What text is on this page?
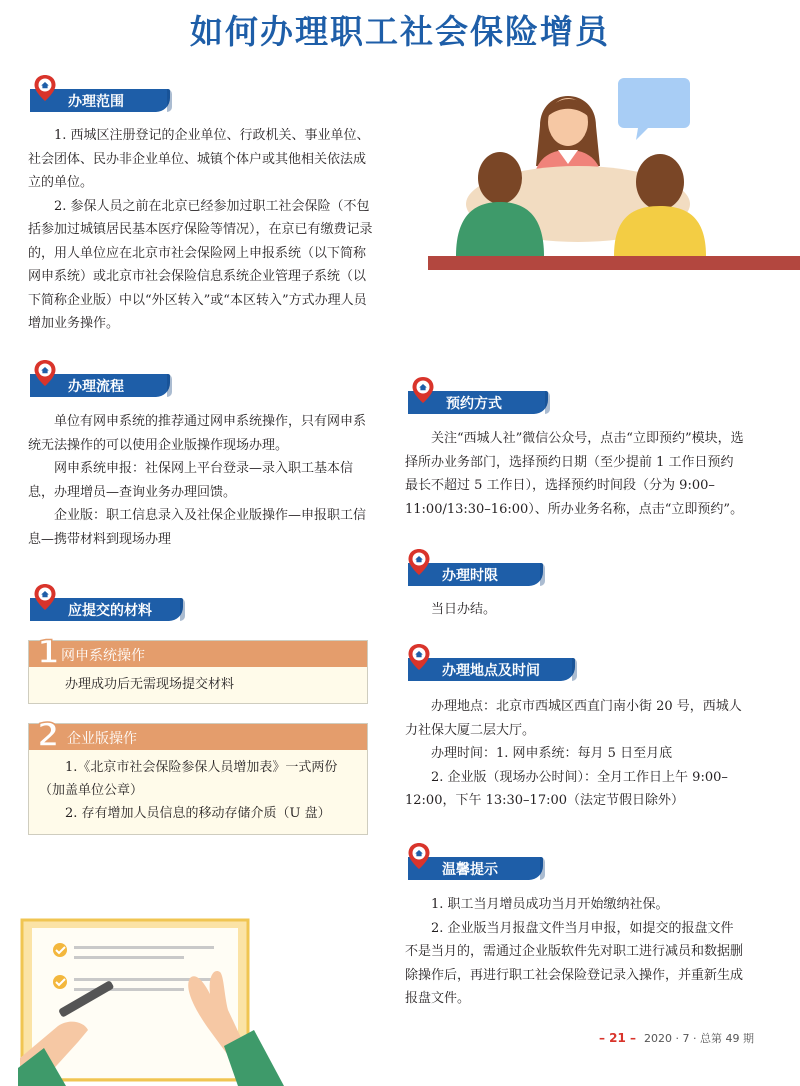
如何办理职工社会保险增员
办理范围

1. 西城区注册登记的企业单位、行政机关、事业单位、社会团体、民办非企业单位、城镇个体户或其他相关依法成立的单位。

2. 参保人员之前在北京已经参加过职工社会保险（不包括参加过城镇居民基本医疗保险等情况），在京已有缴费记录的，用人单位应在北京市社会保险网上申报系统（以下简称网申系统）或北京市社会保险信息系统企业管理子系统（以下简称企业版）中以“外区转入”或“本区转入”方式办理人员增加业务操作。

办理流程

单位有网申系统的推荐通过网申系统操作，只有网申系统无法操作的可以使用企业版操作现场办理。

网申系统申报：社保网上平台登录—录入职工基本信息，办理增员—查询业务办理回馈。

企业版：职工信息录入及社保企业版操作—申报职工信息—携带材料到现场办理

应提交的材料
1 网申系统操作

办理成功后无需现场提交材料

2 企业版操作

1.《北京市社会保险参保人员增加表》一式两份（加盖单位公章）

2. 存有增加人员信息的移动存储介质（U 盘）

预约方式

关注“西城人社”微信公众号，点击“立即预约”模块，选择所办业务部门，选择预约日期（至少提前 1 工作日预约最长不超过 5 工作日），选择预约时间段（分为 9:00–11:00/13:30–16:00）、所办业务名称，点击“立即预约”。

办理时限

当日办结。

办理地点及时间

办理地点：北京市西城区西直门南小街 20 号，西城人力社保大厦二层大厅。

办理时间：1. 网申系统：每月 5 日至月底

2. 企业版（现场办公时间）：全月工作日上午 9:00–12:00，下午 13:30–17:00（法定节假日除外）

温馨提示

1. 职工当月增员成功当月开始缴纳社保。

2. 企业版当月报盘文件当月申报，如提交的报盘文件不是当月的，需通过企业版软件先对职工进行减员和数据删除操作后，再进行职工社会保险登记录入操作，并重新生成报盘文件。

– 21 – 2020 · 7 · 总第 49 期
